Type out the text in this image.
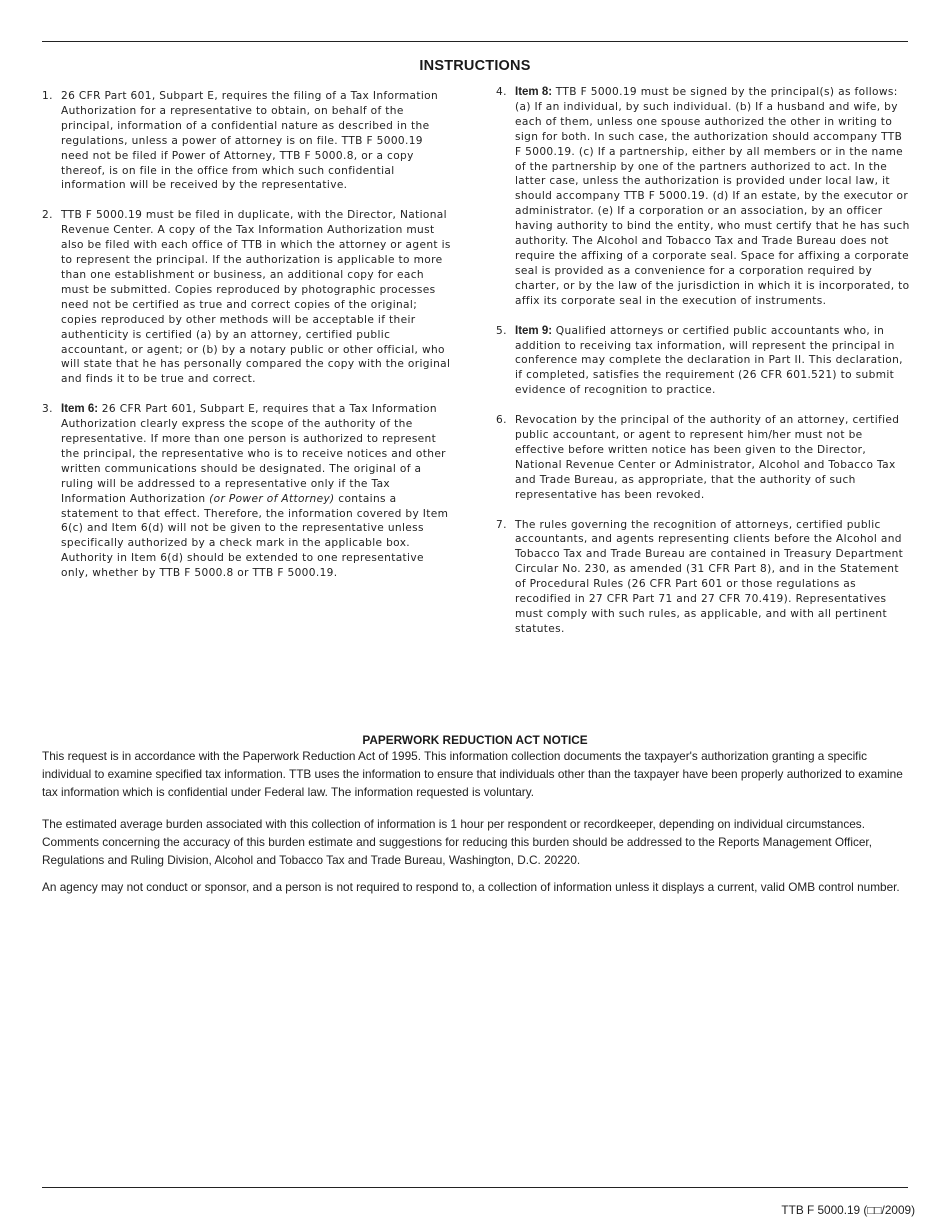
INSTRUCTIONS
1. 26 CFR Part 601, Subpart E, requires the filing of a Tax Information Authorization for a representative to obtain, on behalf of the principal, information of a confidential nature as described in the regulations, unless a power of attorney is on file. TTB F 5000.19 need not be filed if Power of Attorney, TTB F 5000.8, or a copy thereof, is on file in the office from which such confidential information will be received by the representative.
2. TTB F 5000.19 must be filed in duplicate, with the Director, National Revenue Center. A copy of the Tax Information Authorization must also be filed with each office of TTB in which the attorney or agent is to represent the principal. If the authorization is applicable to more than one establishment or business, an additional copy for each must be submitted. Copies reproduced by photographic processes need not be certified as true and correct copies of the original; copies reproduced by other methods will be acceptable if their authenticity is certified (a) by an attorney, certified public accountant, or agent; or (b) by a notary public or other official, who will state that he has personally compared the copy with the original and finds it to be true and correct.
3. Item 6: 26 CFR Part 601, Subpart E, requires that a Tax Information Authorization clearly express the scope of the authority of the representative. If more than one person is authorized to represent the principal, the representative who is to receive notices and other written communications should be designated. The original of a ruling will be addressed to a representative only if the Tax Information Authorization (or Power of Attorney) contains a statement to that effect. Therefore, the information covered by Item 6(c) and Item 6(d) will not be given to the representative unless specifically authorized by a check mark in the applicable box. Authority in Item 6(d) should be extended to one representative only, whether by TTB F 5000.8 or TTB F 5000.19.
4. Item 8: TTB F 5000.19 must be signed by the principal(s) as follows: (a) If an individual, by such individual. (b) If a husband and wife, by each of them, unless one spouse authorized the other in writing to sign for both. In such case, the authorization should accompany TTB F 5000.19. (c) If a partnership, either by all members or in the name of the partnership by one of the partners authorized to act. In the latter case, unless the authorization is provided under local law, it should accompany TTB F 5000.19. (d) If an estate, by the executor or administrator. (e) If a corporation or an association, by an officer having authority to bind the entity, who must certify that he has such authority. The Alcohol and Tobacco Tax and Trade Bureau does not require the affixing of a corporate seal. Space for affixing a corporate seal is provided as a convenience for a corporation required by charter, or by the law of the jurisdiction in which it is incorporated, to affix its corporate seal in the execution of instruments.
5. Item 9: Qualified attorneys or certified public accountants who, in addition to receiving tax information, will represent the principal in conference may complete the declaration in Part II. This declaration, if completed, satisfies the requirement (26 CFR 601.521) to submit evidence of recognition to practice.
6. Revocation by the principal of the authority of an attorney, certified public accountant, or agent to represent him/her must not be effective before written notice has been given to the Director, National Revenue Center or Administrator, Alcohol and Tobacco Tax and Trade Bureau, as appropriate, that the authority of such representative has been revoked.
7. The rules governing the recognition of attorneys, certified public accountants, and agents representing clients before the Alcohol and Tobacco Tax and Trade Bureau are contained in Treasury Department Circular No. 230, as amended (31 CFR Part 8), and in the Statement of Procedural Rules (26 CFR Part 601 or those regulations as recodified in 27 CFR Part 71 and 27 CFR 70.419). Representatives must comply with such rules, as applicable, and with all pertinent statutes.
PAPERWORK REDUCTION ACT NOTICE

This request is in accordance with the Paperwork Reduction Act of 1995. This information collection documents the taxpayer's authorization granting a specific individual to examine specified tax information. TTB uses the information to ensure that individuals other than the taxpayer have been properly authorized to examine tax information which is confidential under Federal law. The information requested is voluntary.

The estimated average burden associated with this collection of information is 1 hour per respondent or recordkeeper, depending on individual circumstances. Comments concerning the accuracy of this burden estimate and suggestions for reducing this burden should be addressed to the Reports Management Officer, Regulations and Ruling Division, Alcohol and Tobacco Tax and Trade Bureau, Washington, D.C. 20220.

An agency may not conduct or sponsor, and a person is not required to respond to, a collection of information unless it displays a current, valid OMB control number.

TTB F 5000.19 (□□/2009)
